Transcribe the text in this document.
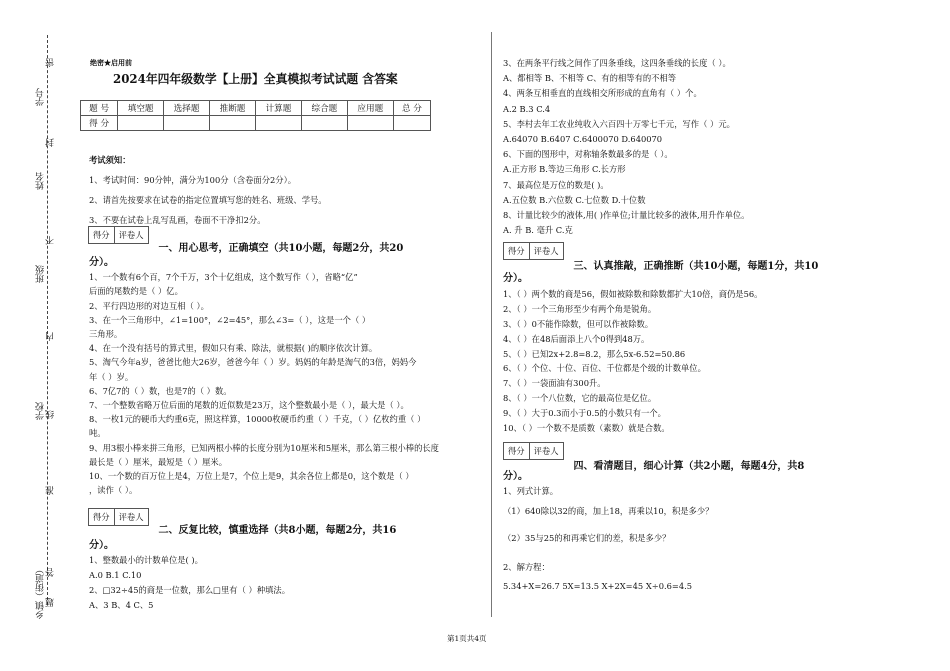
学号
姓名
班级
学校
乡镇（街道）
密
封
线
内
不
准
答
题
绝密★启用前
2024年四年级数学【上册】全真模拟考试试题 含答案
题 号	填空题	选择题	推断题	计算题	综合题	应用题	总 分
得 分							
考试须知：
1、考试时间：90分钟，满分为100分（含卷面分2分）。
2、请首先按要求在试卷的指定位置填写您的姓名、班级、学号。
3、不要在试卷上乱写乱画，卷面不干净扣2分。
得分	评卷人
一、用心思考，正确填空（共10小题，每题2分，共20
分）。
1、一个数有6个百，7个千万，3个十亿组成，这个数写作（ ），省略“亿”
后面的尾数约是（ ）亿。
2、平行四边形的对边互相（ ）。
3、在一个三角形中，∠1=100°，∠2=45°，那么∠3=（ ），这是一个（ ）
三角形。
4、在一个没有括号的算式里，假如只有乘、除法，就根据( )的顺序依次计算。
5、淘气今年a岁，爸爸比他大26岁，爸爸今年（ ）岁。妈妈的年龄是淘气的3倍，妈妈今
年（ ）岁。
6、7亿7的（ ）数，也是7的（ ）数。
7、一个整数省略万位后面的尾数的近似数是23万，这个整数最小是（ ），最大是（ ）。
8、一枚1元的硬币大约重6克，照这样算，10000枚硬币约重（ ）千克，（ ）亿枚约重（ ）
吨。
9、用3根小棒来拼三角形，已知两根小棒的长度分别为10厘米和5厘米，那么第三根小棒的长度
最长是（ ）厘米，最短是（ ）厘米。
10、一个数的百万位上是4，万位上是7，个位上是9，其余各位上都是0，这个数是（ ）
，读作（ ）。
得分	评卷人
二、反复比较，慎重选择（共8小题，每题2分，共16
分）。
1、整数最小的计数单位是( )。
A.0 B.1 C.10
2、□32÷45的商是一位数，那么□里有（ ）种填法。
A、3 B、4 C、5
3、在两条平行线之间作了四条垂线，这四条垂线的长度（ ）。
A、都相等 B、不相等 C、有的相等有的不相等
4、两条互相垂直的直线相交所形成的直角有（ ）个。
A.2 B.3 C.4
5、李村去年工农业纯收入六百四十万零七千元，写作（ ）元。
A.64070 B.6407 C.6400070 D.640070
6、下面的图形中，对称轴条数最多的是（ ）。
A.正方形 B.等边三角形 C.长方形
7、最高位是万位的数是( )。
A.五位数 B.六位数 C.七位数 D.十位数
8、计量比较少的液体,用( )作单位;计量比较多的液体,用升作单位。
A. 升 B. 毫升 C.克
得分	评卷人
三、认真推敲，正确推断（共10小题，每题1分，共10
分）。
1、（ ）两个数的商是56，假如被除数和除数都扩大10倍，商仍是56。
2、（ ）一个三角形至少有两个角是锐角。
3、（ ）0不能作除数，但可以作被除数。
4、（ ）在48后面添上八个0得到48万。
5、（ ）已知2x+2.8=8.2，那么5x-6.52=50.86
6、（ ）个位、十位、百位、千位都是个级的计数单位。
7、（ ）一袋面油有300升。
8、（ ）一个八位数，它的最高位是亿位。
9、（ ）大于0.3而小于0.5的小数只有一个。
10、（ ）一个数不是质数（素数）就是合数。
得分	评卷人
四、看清题目，细心计算（共2小题，每题4分，共8
分）。
1、列式计算。
（1）640除以32的商，加上18，再乘以10，积是多少？
（2）35与25的和再乘它们的差，积是多少？
2、解方程：
5.34+X=26.7 5X=13.5 X+2X=45 X÷0.6=4.5
第1页共4页
